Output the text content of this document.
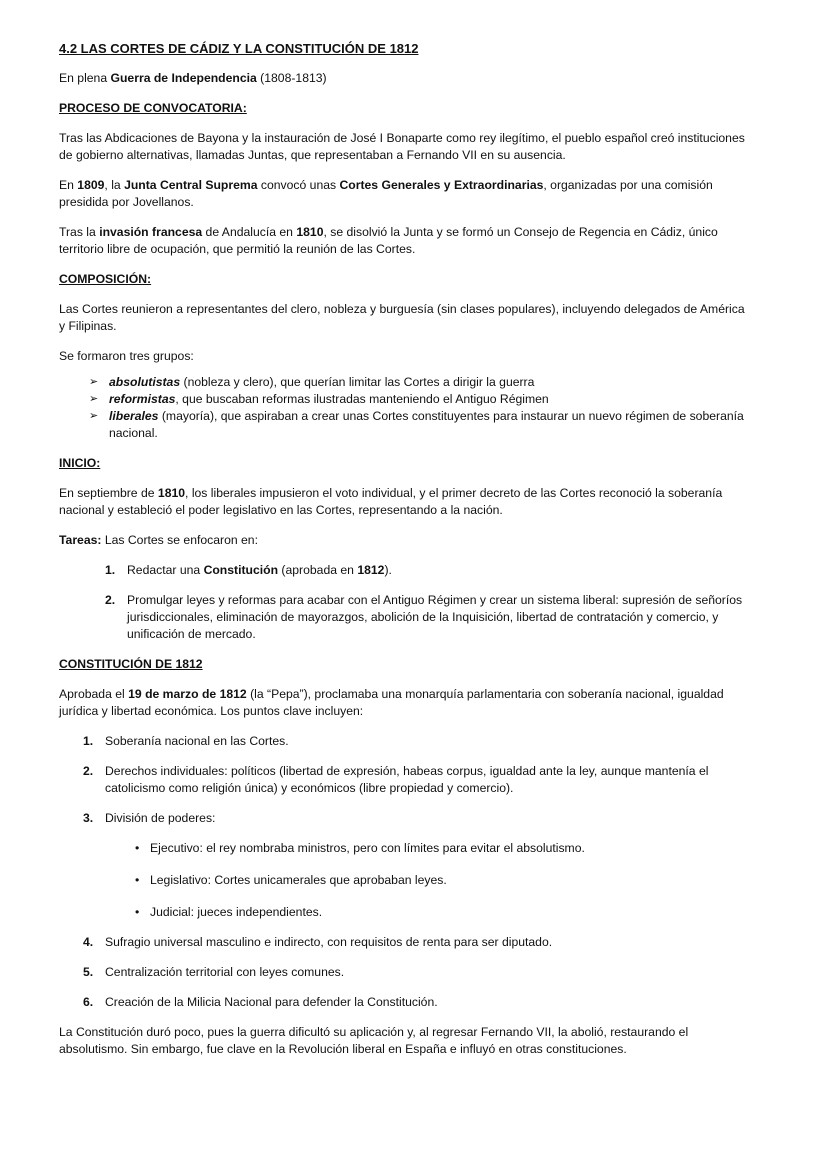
4.2 LAS CORTES DE CÁDIZ Y LA CONSTITUCIÓN DE 1812

En plena Guerra de Independencia (1808-1813)

PROCESO DE CONVOCATORIA:

Tras las Abdicaciones de Bayona y la instauración de José I Bonaparte como rey ilegítimo, el pueblo español creó instituciones de gobierno alternativas, llamadas Juntas, que representaban a Fernando VII en su ausencia.

En 1809, la Junta Central Suprema convocó unas Cortes Generales y Extraordinarias, organizadas por una comisión presidida por Jovellanos.

Tras la invasión francesa de Andalucía en 1810, se disolvió la Junta y se formó un Consejo de Regencia en Cádiz, único territorio libre de ocupación, que permitió la reunión de las Cortes.

COMPOSICIÓN:

Las Cortes reunieron a representantes del clero, nobleza y burguesía (sin clases populares), incluyendo delegados de América y Filipinas.

Se formaron tres grupos:

➢ absolutistas (nobleza y clero), que querían limitar las Cortes a dirigir la guerra
➢ reformistas, que buscaban reformas ilustradas manteniendo el Antiguo Régimen
➢ liberales (mayoría), que aspiraban a crear unas Cortes constituyentes para instaurar un nuevo régimen de soberanía nacional.
INICIO:

En septiembre de 1810, los liberales impusieron el voto individual, y el primer decreto de las Cortes reconoció la soberanía nacional y estableció el poder legislativo en las Cortes, representando a la nación.

Tareas: Las Cortes se enfocaron en:

1. Redactar una Constitución (aprobada en 1812).
2. Promulgar leyes y reformas para acabar con el Antiguo Régimen y crear un sistema liberal: supresión de señoríos jurisdiccionales, eliminación de mayorazgos, abolición de la Inquisición, libertad de contratación y comercio, y unificación de mercado.
CONSTITUCIÓN DE 1812

Aprobada el 19 de marzo de 1812 (la “Pepa”), proclamaba una monarquía parlamentaria con soberanía nacional, igualdad jurídica y libertad económica. Los puntos clave incluyen:

1. Soberanía nacional en las Cortes.
2. Derechos individuales: políticos (libertad de expresión, habeas corpus, igualdad ante la ley, aunque mantenía el catolicismo como religión única) y económicos (libre propiedad y comercio).
3. División de poderes:
• Ejecutivo: el rey nombraba ministros, pero con límites para evitar el absolutismo.
• Legislativo: Cortes unicamerales que aprobaban leyes.
• Judicial: jueces independientes.
4. Sufragio universal masculino e indirecto, con requisitos de renta para ser diputado.
5. Centralización territorial con leyes comunes.
6. Creación de la Milicia Nacional para defender la Constitución.

La Constitución duró poco, pues la guerra dificultó su aplicación y, al regresar Fernando VII, la abolió, restaurando el absolutismo. Sin embargo, fue clave en la Revolución liberal en España e influyó en otras constituciones.
